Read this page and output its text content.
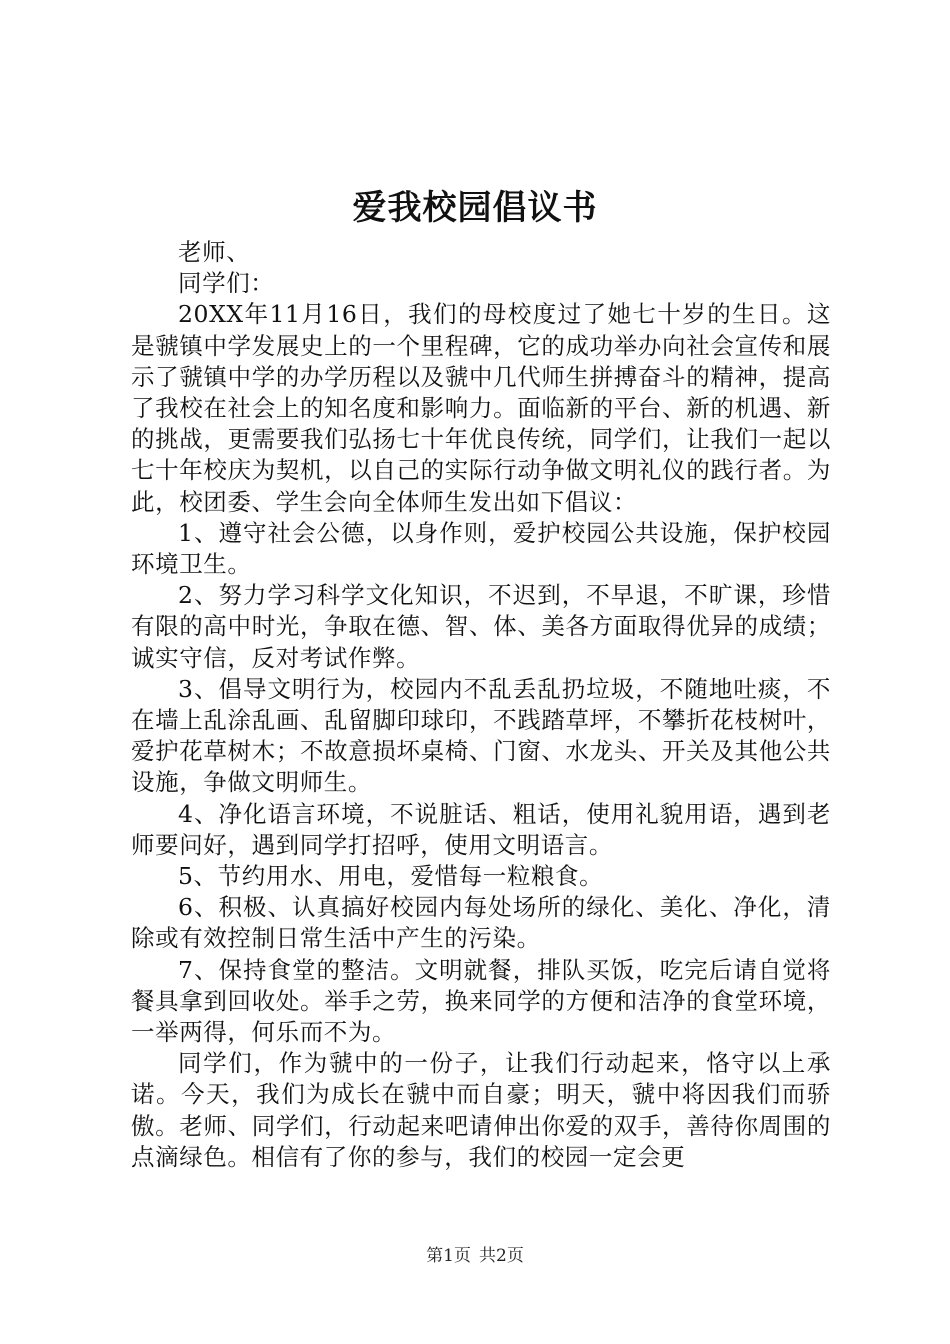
爱我校园倡议书

老师、

同学们：

20XX年11月16日，我们的母校度过了她七十岁的生日。这是虢镇中学发展史上的一个里程碑，它的成功举办向社会宣传和展示了虢镇中学的办学历程以及虢中几代师生拼搏奋斗的精神，提高了我校在社会上的知名度和影响力。面临新的平台、新的机遇、新的挑战，更需要我们弘扬七十年优良传统，同学们，让我们一起以七十年校庆为契机，以自己的实际行动争做文明礼仪的践行者。为此，校团委、学生会向全体师生发出如下倡议：

1、遵守社会公德，以身作则，爱护校园公共设施，保护校园环境卫生。

2、努力学习科学文化知识，不迟到，不早退，不旷课，珍惜有限的高中时光，争取在德、智、体、美各方面取得优异的成绩；诚实守信，反对考试作弊。

3、倡导文明行为，校园内不乱丢乱扔垃圾，不随地吐痰，不在墙上乱涂乱画、乱留脚印球印，不践踏草坪，不攀折花枝树叶，爱护花草树木；不故意损坏桌椅、门窗、水龙头、开关及其他公共设施，争做文明师生。

4、净化语言环境，不说脏话、粗话，使用礼貌用语，遇到老师要问好，遇到同学打招呼，使用文明语言。

5、节约用水、用电，爱惜每一粒粮食。

6、积极、认真搞好校园内每处场所的绿化、美化、净化，清除或有效控制日常生活中产生的污染。

7、保持食堂的整洁。文明就餐，排队买饭，吃完后请自觉将餐具拿到回收处。举手之劳，换来同学的方便和洁净的食堂环境，一举两得，何乐而不为。

同学们，作为虢中的一份子，让我们行动起来，恪守以上承诺。今天，我们为成长在虢中而自豪；明天，虢中将因我们而骄傲。老师、同学们，行动起来吧请伸出你爱的双手，善待你周围的点滴绿色。相信有了你的参与，我们的校园一定会更

第1页 共2页
